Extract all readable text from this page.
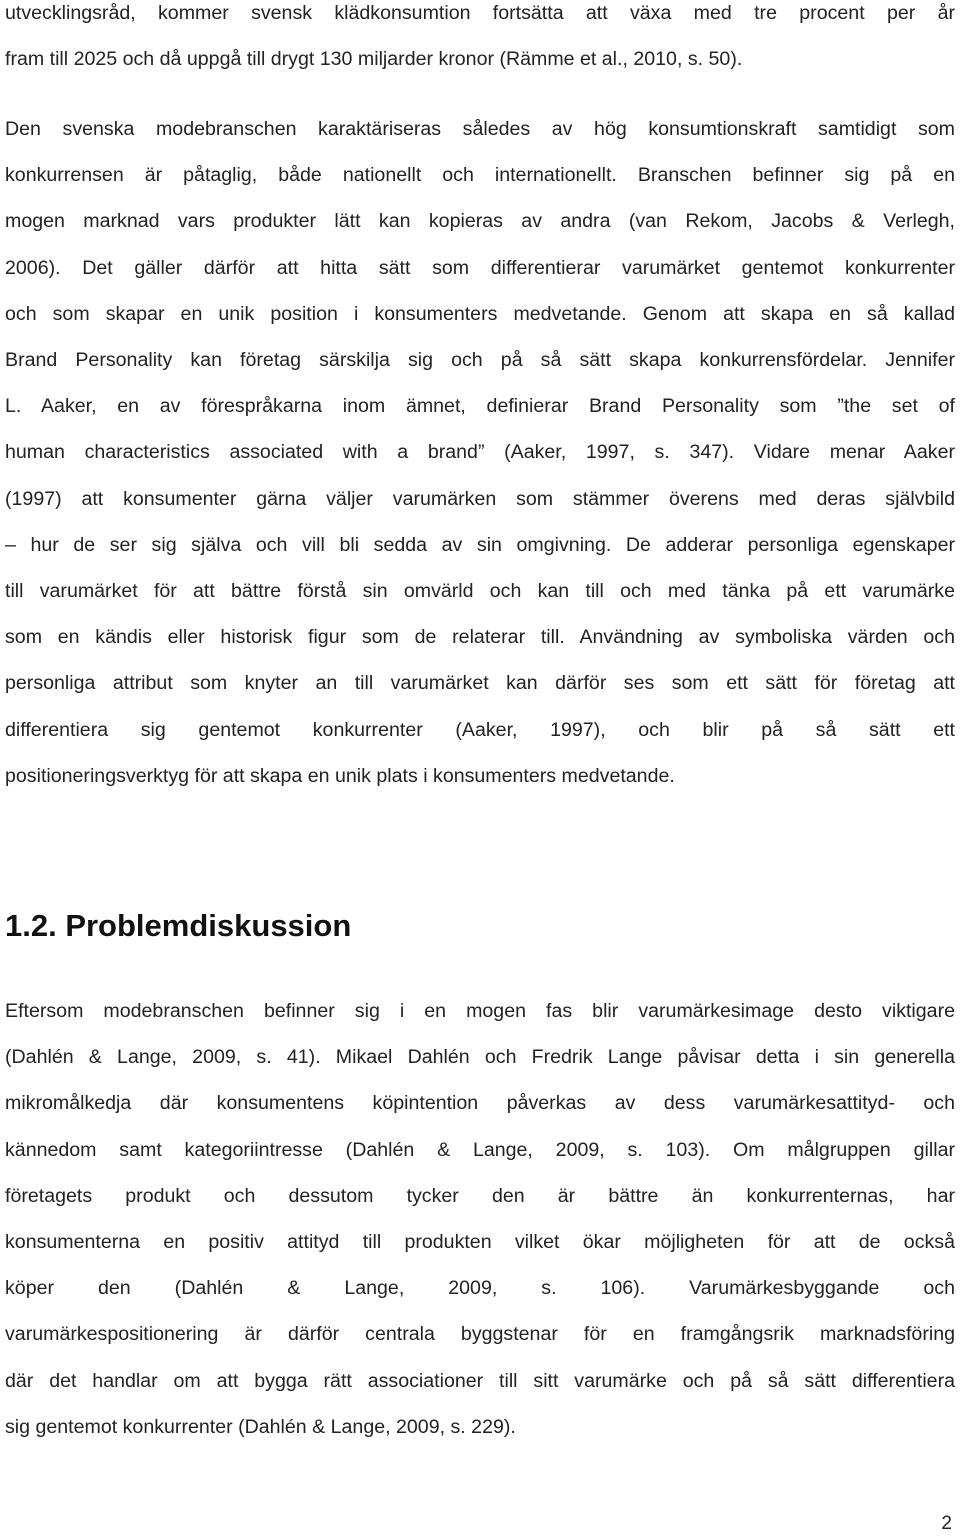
utvecklingsråd, kommer svensk klädkonsumtion fortsätta att växa med tre procent per år
fram till 2025 och då uppgå till drygt 130 miljarder kronor (Rämme et al., 2010, s. 50).
Den svenska modebranschen karaktäriseras således av hög konsumtionskraft samtidigt som
konkurrensen är påtaglig, både nationellt och internationellt. Branschen befinner sig på en
mogen marknad vars produkter lätt kan kopieras av andra (van Rekom, Jacobs & Verlegh,
2006). Det gäller därför att hitta sätt som differentierar varumärket gentemot konkurrenter
och som skapar en unik position i konsumenters medvetande. Genom att skapa en så kallad
Brand Personality kan företag särskilja sig och på så sätt skapa konkurrensfördelar. Jennifer
L. Aaker, en av förespråkarna inom ämnet, definierar Brand Personality som ”the set of
human characteristics associated with a brand” (Aaker, 1997, s. 347). Vidare menar Aaker
(1997) att konsumenter gärna väljer varumärken som stämmer överens med deras självbild
– hur de ser sig själva och vill bli sedda av sin omgivning. De adderar personliga egenskaper
till varumärket för att bättre förstå sin omvärld och kan till och med tänka på ett varumärke
som en kändis eller historisk figur som de relaterar till. Användning av symboliska värden och
personliga attribut som knyter an till varumärket kan därför ses som ett sätt för företag att
differentiera sig gentemot konkurrenter (Aaker, 1997), och blir på så sätt ett
positioneringsverktyg för att skapa en unik plats i konsumenters medvetande.
1.2. Problemdiskussion
Eftersom modebranschen befinner sig i en mogen fas blir varumärkesimage desto viktigare
(Dahlén & Lange, 2009, s. 41). Mikael Dahlén och Fredrik Lange påvisar detta i sin generella
mikromålkedja där konsumentens köpintention påverkas av dess varumärkesattityd- och
kännedom samt kategoriintresse (Dahlén & Lange, 2009, s. 103). Om målgruppen gillar
företagets produkt och dessutom tycker den är bättre än konkurrenternas, har
konsumenterna en positiv attityd till produkten vilket ökar möjligheten för att de också
köper den (Dahlén & Lange, 2009, s. 106). Varumärkesbyggande och
varumärkespositionering är därför centrala byggstenar för en framgångsrik marknadsföring
där det handlar om att bygga rätt associationer till sitt varumärke och på så sätt differentiera
sig gentemot konkurrenter (Dahlén & Lange, 2009, s. 229).
2
